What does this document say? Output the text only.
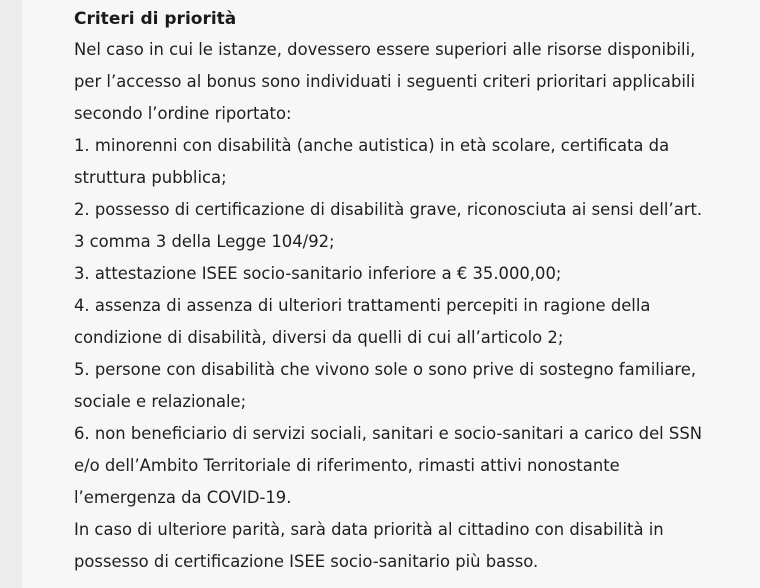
Criteri di priorità

Nel caso in cui le istanze, dovessero essere superiori alle risorse disponibili,

per l’accesso al bonus sono individuati i seguenti criteri prioritari applicabili

secondo l’ordine riportato:

1. minorenni con disabilità (anche autistica) in età scolare, certificata da

struttura pubblica;

2. possesso di certificazione di disabilità grave, riconosciuta ai sensi dell’art.

3 comma 3 della Legge 104/92;

3. attestazione ISEE socio-sanitario inferiore a € 35.000,00;

4. assenza di assenza di ulteriori trattamenti percepiti in ragione della

condizione di disabilità, diversi da quelli di cui all’articolo 2;

5. persone con disabilità che vivono sole o sono prive di sostegno familiare,

sociale e relazionale;

6. non beneficiario di servizi sociali, sanitari e socio-sanitari a carico del SSN

e/o dell’Ambito Territoriale di riferimento, rimasti attivi nonostante

l’emergenza da COVID-19.

In caso di ulteriore parità, sarà data priorità al cittadino con disabilità in

possesso di certificazione ISEE socio-sanitario più basso.
